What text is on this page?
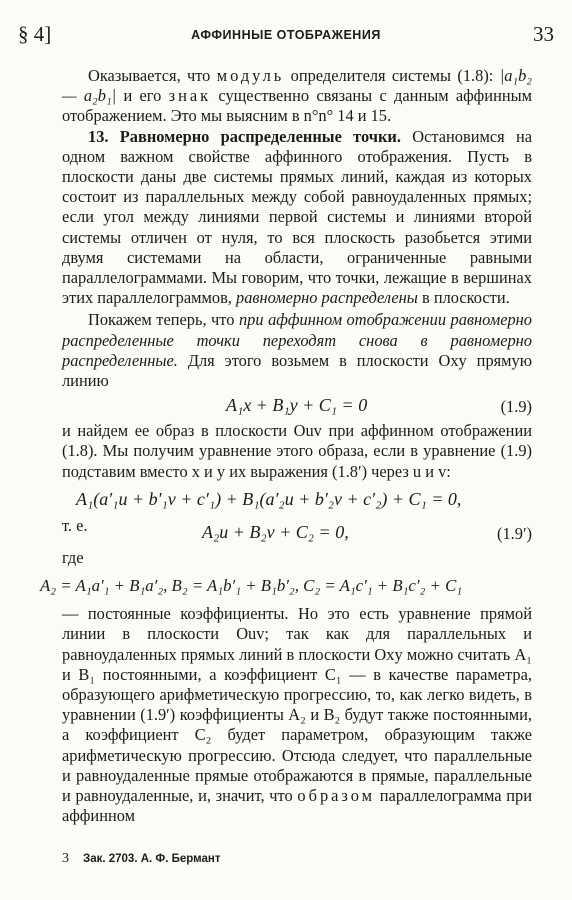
§ 4]	АФФИННЫЕ ОТОБРАЖЕНИЯ	33

Оказывается, что модуль определителя системы (1.8): |a₁b₂ — a₂b₁| и его знак существенно связаны с данным аффинным отображением. Это мы выясним в n°n° 14 и 15.

13. Равномерно распределенные точки. Остановимся на одном важном свойстве аффинного отображения. Пусть в плоскости даны две системы прямых линий, каждая из которых состоит из параллельных между собой равноудаленных прямых; если угол между линиями первой системы и линиями второй системы отличен от нуля, то вся плоскость разобьется этими двумя системами на области, ограниченные равными параллелограммами. Мы говорим, что точки, лежащие в вершинах этих параллелограммов, равномерно распределены в плоскости.

Покажем теперь, что при аффинном отображении равномерно распределенные точки переходят снова в равномерно распределенные. Для этого возьмем в плоскости Oxy прямую линию

A₁x + B₁y + C₁ = 0	(1.9)

и найдем ее образ в плоскости Ouv при аффинном отображении (1.8). Мы получим уравнение этого образа, если в уравнение (1.9) подставим вместо x и y их выражения (1.8′) через u и v:

A₁(a′₁u + b′₁v + c′₁) + B₁(a′₂u + b′₂v + c′₂) + C₁ = 0,

т. е.	A₂u + B₂v + C₂ = 0,	(1.9′)

где

A₂ = A₁a′₁ + B₁a′₂, B₂ = A₁b′₁ + B₁b′₂, C₂ = A₁c′₁ + B₁c′₂ + C₁

— постоянные коэффициенты. Но это есть уравнение прямой линии в плоскости Ouv; так как для параллельных и равноудаленных прямых линий в плоскости Oxy можно считать A₁ и B₁ постоянными, а коэффициент C₁ — в качестве параметра, образующего арифметическую прогрессию, то, как легко видеть, в уравнении (1.9′) коэффициенты A₂ и B₂ будут также постоянными, а коэффициент C₂ будет параметром, образующим также арифметическую прогрессию. Отсюда следует, что параллельные и равноудаленные прямые отображаются в прямые, параллельные и равноудаленные, и, значит, что образом параллелограмма при аффинном

3 Зак. 2703. А. Ф. Бермант
